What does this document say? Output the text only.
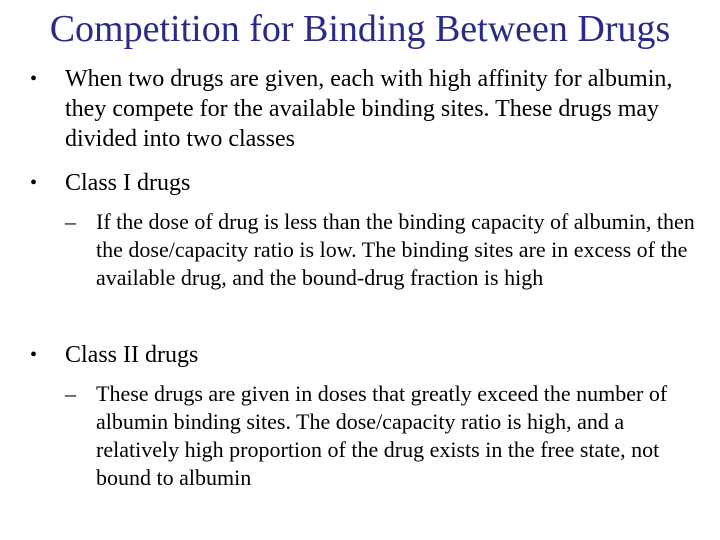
Competition for Binding Between Drugs
• When two drugs are given, each with high affinity for albumin, they compete for the available binding sites. These drugs may divided into two classes
• Class I drugs
– If the dose of drug is less than the binding capacity of albumin, then the dose/capacity ratio is low. The binding sites are in excess of the available drug, and the bound-drug fraction is high
• Class II drugs
– These drugs are given in doses that greatly exceed the number of albumin binding sites. The dose/capacity ratio is high, and a relatively high proportion of the drug exists in the free state, not bound to albumin
